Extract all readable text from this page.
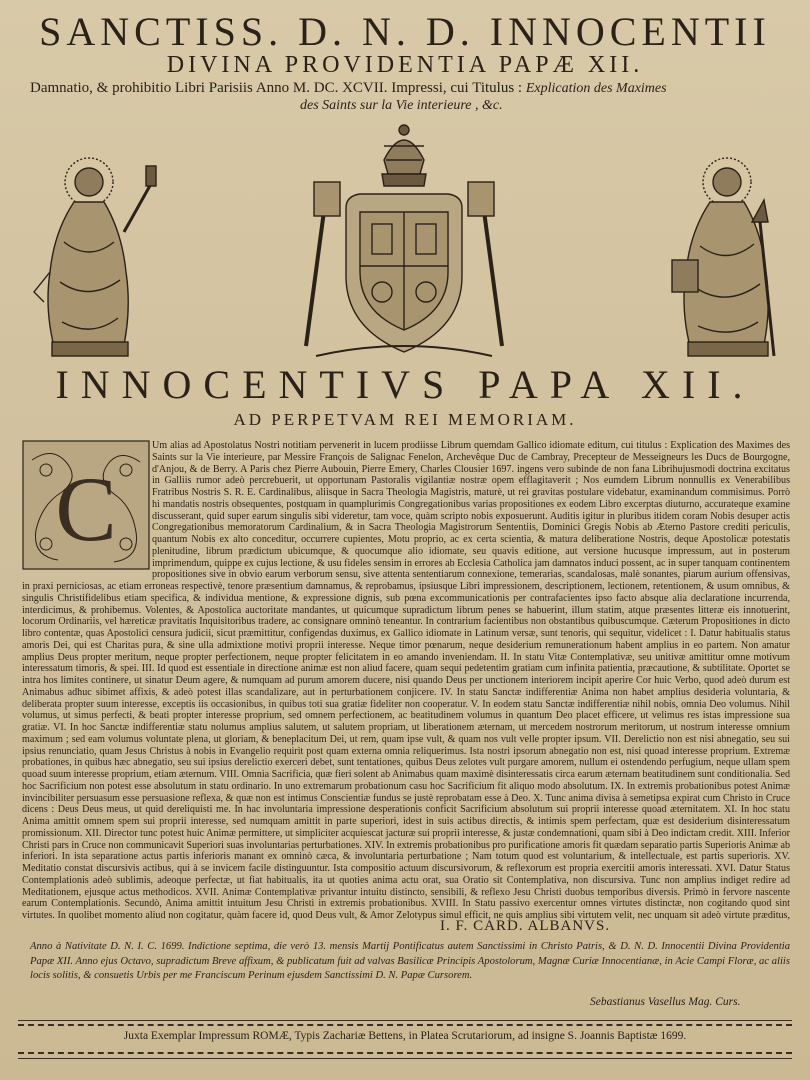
SANCTISS. D. N. D. INNOCENTII
DIVINA PROVIDENTIA PAPÆ XII.
Damnatio, & prohibitio Libri Parisiis Anno M. DC. XCVII. Impressi, cui Titulus : Explication des Maximes
des Saints sur la Vie interieure , &c.
INNOCENTIVS PAPA XII.
AD PERPETVAM REI MEMORIAM.
C
Um alias ad Apostolatus Nostri notitiam pervenerit in lucem prodiisse Librum quemdam Gallico idiomate editum, cui titulus : Explication des Maximes des Saints sur la Vie interieure, par Messire François de Salignac Fenelon, Archevêque Duc de Cambray, Precepteur de Messeigneurs les Ducs de Bourgogne, d'Anjou, & de Berry. A Paris chez Pierre Aubouin, Pierre Emery, Charles Clousier 1697. ingens vero subinde de non fana Librihujusmodi doctrina excitatus in Galliis rumor adeò percrebuerit, ut opportunam Pastoralis vigilantiæ nostræ opem efflagitaverit ; Nos eumdem Librum nonnullis ex Venerabilibus Fratribus Nostris S. R. E. Cardinalibus, aliisque in Sacra Theologia Magistris, maturè, ut rei gravitas postulare videbatur, examinandum commisimus. Porrò hi mandatis nostris obsequentes, postquam in quamplurimis Congregationibus varias propositiones ex eodem Libro excerptas diuturno, accurateque examine discusserant, quid super earum singulis sibi videretur, tam voce, quàm scripto nobis exposuerunt. Auditis igitur in pluribus itidem coram Nobis desuper actis Congregationibus memoratorum Cardinalium, & in Sacra Theologia Magistrorum Sententiis, Dominici Gregis Nobis ab Æterno Pastore crediti periculis, quantum Nobis ex alto conceditur, occurrere cupientes, Motu proprio, ac ex certa scientia, & matura deliberatione Nostris, deque Apostolicæ potestatis plenitudine, librum prædictum ubicumque, & quocumque alio idiomate, seu quavis editione, aut versione hucusque impressum, aut in posterum imprimendum, quippe ex cujus lectione, & usu fideles sensim in errores ab Ecclesia Catholica jam damnatos induci possent, ac in super tanquam continentem propositiones sive in obvio earum verborum sensu, sive attenta sententiarum connexione, temerarias, scandalosas, malè sonantes, piarum aurium offensivas, in praxi perniciosas, ac etiam erroneas respectivè, tenore præsentium damnamus, & reprobamus, ipsiusque Libri impressionem, descriptionem, lectionem, retentionem, & usum omnibus, & singulis Christifidelibus etiam specifica, & individua mentione, & expressione dignis, sub pœna excommunicationis per contrafacientes ipso facto absque alia declaratione incurrenda, interdicimus, & prohibemus. Volentes, & Apostolica auctoritate mandantes, ut quicumque supradictum librum penes se habuerint, illum statim, atque præsentes litteræ eis innotuerint, locorum Ordinariis, vel hæreticæ pravitatis Inquisitoribus tradere, ac consignare omninò teneantur. In contrarium facientibus non obstantibus quibuscumque. Cæterum Propositiones in dicto libro contentæ, quas Apostolici censura judicii, sicut præmittitur, configendas duximus, ex Gallico idiomate in Latinum versæ, sunt tenoris, qui sequitur, videlicet : I. Datur habitualis status amoris Dei, qui est Charitas pura, & sine ulla admixtione motivi proprii interesse. Neque timor pœnarum, neque desiderium remunerationum habent amplius in eo partem. Non amatur amplius Deus propter meritum, neque propter perfectionem, neque propter felicitatem in eo amando inveniendam. II. In statu Vitæ Contemplativæ, seu unitivæ amittitur omne motivum interessatum timoris, & spei. III. Id quod est essentiale in directione animæ est non aliud facere, quam sequi pedetentim gratiam cum infinita patientia, præcautione, & subtilitate. Oportet se intra hos limites continere, ut sinatur Deum agere, & numquam ad purum amorem ducere, nisi quando Deus per unctionem interiorem incipit aperire Cor huic Verbo, quod adeò durum est Animabus adhuc sibimet affixis, & adeò potest illas scandalizare, aut in perturbationem conjicere. IV. In statu Sanctæ indifferentiæ Anima non habet amplius desideria voluntaria, & deliberata propter suum interesse, exceptis iis occasionibus, in quibus toti sua gratiæ fideliter non cooperatur. V. In eodem statu Sanctæ indifferentiæ nihil nobis, omnia Deo volumus. Nihil volumus, ut simus perfecti, & beati propter interesse proprium, sed omnem perfectionem, ac beatitudinem volumus in quantum Deo placet efficere, ut velimus res istas impressione sua gratiæ. VI. In hoc Sanctæ indifferentiæ statu nolumus amplius salutem, ut salutem propriam, ut liberationem æternam, ut mercedem nostrorum meritorum, ut nostrum interesse omnium maximum ; sed eam volumus voluntate plena, ut gloriam, & beneplacitum Dei, ut rem, quam ipse vult, & quam nos vult velle propter ipsum. VII. Derelictio non est nisi abnegatio, seu sui ipsius renunciatio, quam Jesus Christus à nobis in Evangelio requirit post quam externa omnia reliquerimus. Ista nostri ipsorum abnegatio non est, nisi quoad interesse proprium. Extremæ probationes, in quibus hæc abnegatio, seu sui ipsius derelictio exerceri debet, sunt tentationes, quibus Deus zelotes vult purgare amorem, nullum ei ostendendo perfugium, neque ullam spem quoad suum interesse proprium, etiam æternum. VIII. Omnia Sacrificia, quæ fieri solent ab Animabus quam maximè disinteressatis circa earum æternam beatitudinem sunt conditionalia. Sed hoc Sacrificium non potest esse absolutum in statu ordinario. In uno extremarum probationum casu hoc Sacrificium fit aliquo modo absolutum. IX. In extremis probationibus potest Animæ invincibiliter persuasum esse persuasione reflexa, & quæ non est intimus Conscientiæ fundus se justè reprobatam esse à Deo. X. Tunc anima divisa à semetipsa expirat cum Christo in Cruce dicens : Deus Deus meus, ut quid dereliquisti me. In hac involuntaria impressione desperationis conficit Sacrificium absolutum sui proprii interesse quoad æternitatem. XI. In hoc statu Anima amittit omnem spem sui proprii interesse, sed numquam amittit in parte superiori, idest in suis actibus directis, & intimis spem perfectam, quæ est desiderium disinteressatum promissionum. XII. Director tunc potest huic Animæ permittere, ut simpliciter acquiescat jacturæ sui proprii interesse, & justæ condemnationi, quam sibi à Deo indictam credit. XIII. Inferior Christi pars in Cruce non communicavit Superiori suas involuntarias perturbationes. XIV. In extremis probationibus pro purificatione amoris fit quædam separatio partis Superioris Animæ ab inferiori. In ista separatione actus partis inferioris manant ex omninò cæca, & involuntaria perturbatione ; Nam totum quod est voluntarium, & intellectuale, est partis superioris. XV. Meditatio constat discursivis actibus, qui à se invicem facile distinguuntur. Ista compositio actuum discursivorum, & reflexorum est propria exercitii amoris interessati. XVI. Datur Status Contemplationis adeò sublimis, adeoque perfectæ, ut fiat habitualis, ita ut quoties anima actu orat, sua Oratio sit Contemplativa, non discursiva. Tunc non amplius indiget redire ad Meditationem, ejusque actus methodicos. XVII. Animæ Contemplativæ privantur intuitu distincto, sensibili, & reflexo Jesu Christi duobus temporibus diversis. Primò in fervore nascente earum Contemplationis. Secundò, Anima amittit intuitum Jesu Christi in extremis probationibus. XVIII. In Statu passivo exercentur omnes virtutes distinctæ, non cogitando quod sint virtutes. In quolibet momento aliud non cogitatur, quàm facere id, quod Deus vult, & Amor Zelotypus simul efficit, ne quis amplius sibi virtutem velit, nec unquam sit adeò virtute præditus,
I. F. CARD. ALBANVS.
Anno à Nativitate D. N. I. C. 1699. Indictione septima, die verò 13. mensis Martij Pontificatus autem Sanctissimi in Christo Patris, & D. N. D. Innocentii Divina Providentia Papæ XII. Anno ejus Octavo, supradictum Breve affixum, & publicatum fuit ad valvas Basilicæ Principis Apostolorum, Magnæ Curiæ Innocentianæ, in Acie Campi Floræ, ac aliis locis solitis, & consuetis Urbis per me Franciscum Perinum ejusdem Sanctissimi D. N. Papæ Cursorem.
Sebastianus Vasellus Mag. Curs.
Juxta Exemplar Impressum ROMÆ, Typis Zachariæ Bettens, in Platea Scrutariorum, ad insigne S. Joannis Baptistæ 1699.
